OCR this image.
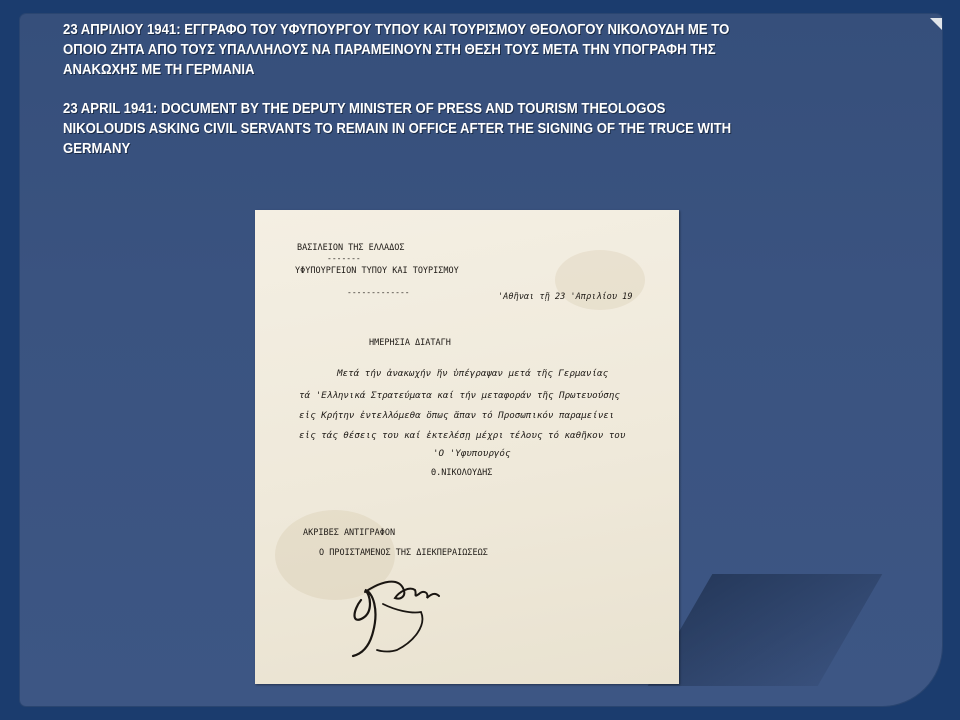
23 ΑΠΡΙΛΙΟΥ 1941: ΕΓΓΡΑΦΟ ΤΟΥ ΥΦΥΠΟΥΡΓΟΥ ΤΥΠΟΥ ΚΑΙ ΤΟΥΡΙΣΜΟΥ ΘΕΟΛΟΓΟΥ ΝΙΚΟΛΟΥΔΗ ΜΕ ΤΟ
ΟΠΟΙΟ ΖΗΤΑ ΑΠΟ ΤΟΥΣ ΥΠΑΛΛΗΛΟΥΣ ΝΑ ΠΑΡΑΜΕΙΝΟΥΝ ΣΤΗ ΘΕΣΗ ΤΟΥΣ ΜΕΤΑ ΤΗΝ ΥΠΟΓΡΑΦΗ ΤΗΣ
ΑΝΑΚΩΧΗΣ ΜΕ ΤΗ ΓΕΡΜΑΝΙΑ
23 APRIL 1941: DOCUMENT BY THE DEPUTY MINISTER OF PRESS AND TOURISM THEOLOGOS
NIKOLOUDIS ASKING CIVIL SERVANTS TO REMAIN IN OFFICE AFTER THE SIGNING OF THE TRUCE WITH
GERMANY
ΒΑΣΙΛΕΙΟΝ ΤΗΣ ΕΛΛΑΔΟΣ
-------
ΥΦΥΠΟΥΡΓΕΙΟΝ ΤΥΠΟΥ ΚΑΙ ΤΟΥΡΙΣΜΟΥ
-------------	'Αθῆναι τῇ 23 'Απριλίου 19
ΗΜΕΡΗΣΙΑ ΔΙΑΤΑΓΗ
Μετά τήν ἀνακωχήν ἥν ὑπέγραψαν μετά τῆς Γερμανίας
τά 'Ελληνικά Στρατεύματα καί τήν μεταφοράν τῆς Πρωτευούσης
εἰς Κρήτην ἐντελλόμεθα ὅπως ἅπαν τό Προσωπικόν παραμείνει
εἰς τάς θέσεις του καί ἐκτελέσῃ μέχρι τέλους τό καθῆκον του
'Ο 'Υφυπουργός
Θ.ΝΙΚΟΛΟΥΔΗΣ
ΑΚΡΙΒΕΣ ΑΝΤΙΓΡΑΦΟΝ
Ο ΠΡΟΙΣΤΑΜΕΝΟΣ ΤΗΣ ΔΙΕΚΠΕΡΑΙΩΣΕΩΣ
